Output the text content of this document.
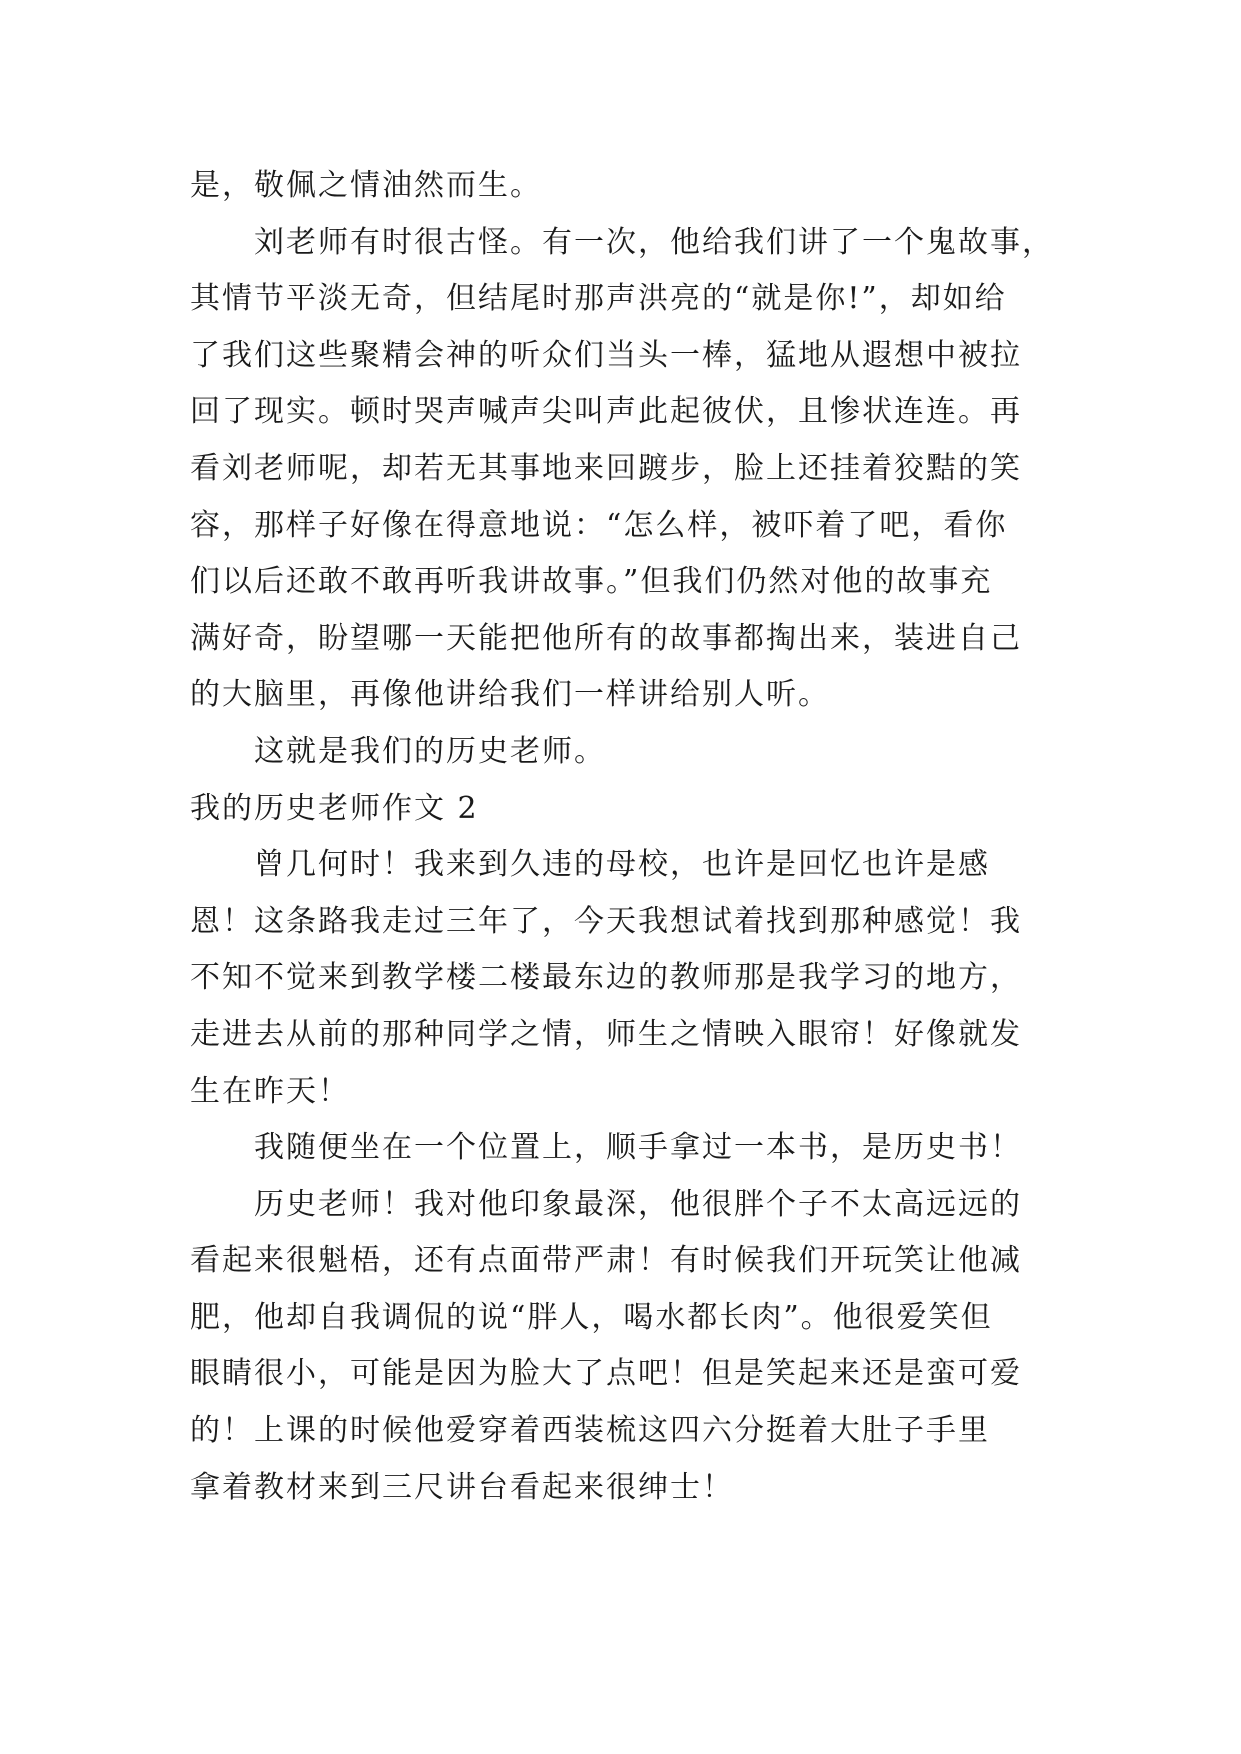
是，敬佩之情油然而生。
刘老师有时很古怪。有一次，他给我们讲了一个鬼故事，
其情节平淡无奇，但结尾时那声洪亮的“就是你!”，却如给
了我们这些聚精会神的听众们当头一棒，猛地从遐想中被拉
回了现实。顿时哭声喊声尖叫声此起彼伏，且惨状连连。再
看刘老师呢，却若无其事地来回踱步，脸上还挂着狡黠的笑
容，那样子好像在得意地说：“怎么样，被吓着了吧，看你
们以后还敢不敢再听我讲故事。”但我们仍然对他的故事充
满好奇，盼望哪一天能把他所有的故事都掏出来，装进自己
的大脑里，再像他讲给我们一样讲给别人听。
这就是我们的历史老师。
我的历史老师作文 2
曾几何时！我来到久违的母校，也许是回忆也许是感
恩！这条路我走过三年了，今天我想试着找到那种感觉！我
不知不觉来到教学楼二楼最东边的教师那是我学习的地方，
走进去从前的那种同学之情，师生之情映入眼帘！好像就发
生在昨天！
我随便坐在一个位置上，顺手拿过一本书，是历史书！
历史老师！我对他印象最深，他很胖个子不太高远远的
看起来很魁梧，还有点面带严肃！有时候我们开玩笑让他减
肥，他却自我调侃的说“胖人，喝水都长肉”。他很爱笑但
眼睛很小，可能是因为脸大了点吧！但是笑起来还是蛮可爱
的！上课的时候他爱穿着西装梳这四六分挺着大肚子手里
拿着教材来到三尺讲台看起来很绅士！
